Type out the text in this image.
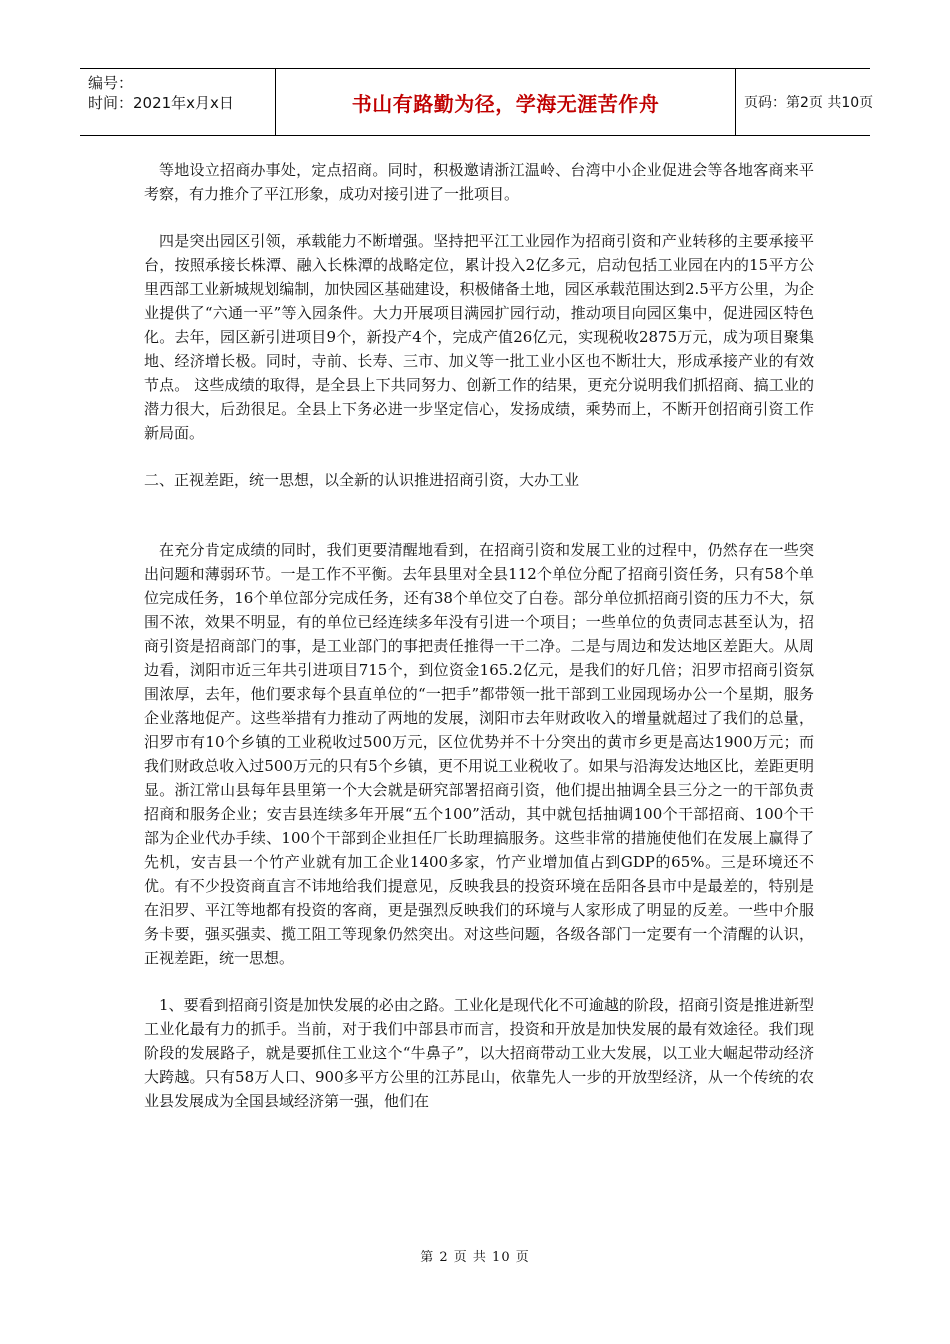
编号：
时间：2021年x月x日	书山有路勤为径，学海无涯苦作舟	页码：第2页 共10页

等地设立招商办事处，定点招商。同时，积极邀请浙江温岭、台湾中小企业促进会等各地客商来平考察，有力推介了平江形象，成功对接引进了一批项目。

四是突出园区引领，承载能力不断增强。坚持把平江工业园作为招商引资和产业转移的主要承接平台，按照承接长株潭、融入长株潭的战略定位，累计投入2亿多元，启动包括工业园在内的15平方公里西部工业新城规划编制，加快园区基础建设，积极储备土地，园区承载范围达到2.5平方公里，为企业提供了“六通一平”等入园条件。大力开展项目满园扩园行动，推动项目向园区集中，促进园区特色化。去年，园区新引进项目9个，新投产4个，完成产值26亿元，实现税收2875万元，成为项目聚集地、经济增长极。同时，寺前、长寿、三市、加义等一批工业小区也不断壮大，形成承接产业的有效节点。 这些成绩的取得，是全县上下共同努力、创新工作的结果，更充分说明我们抓招商、搞工业的潜力很大，后劲很足。全县上下务必进一步坚定信心，发扬成绩，乘势而上，不断开创招商引资工作新局面。

二、正视差距，统一思想，以全新的认识推进招商引资，大办工业

在充分肯定成绩的同时，我们更要清醒地看到，在招商引资和发展工业的过程中，仍然存在一些突出问题和薄弱环节。一是工作不平衡。去年县里对全县112个单位分配了招商引资任务，只有58个单位完成任务，16个单位部分完成任务，还有38个单位交了白卷。部分单位抓招商引资的压力不大，氛围不浓，效果不明显，有的单位已经连续多年没有引进一个项目；一些单位的负责同志甚至认为，招商引资是招商部门的事，是工业部门的事把责任推得一干二净。二是与周边和发达地区差距大。从周边看，浏阳市近三年共引进项目715个，到位资金165.2亿元，是我们的好几倍；汨罗市招商引资氛围浓厚，去年，他们要求每个县直单位的“一把手”都带领一批干部到工业园现场办公一个星期，服务企业落地促产。这些举措有力推动了两地的发展，浏阳市去年财政收入的增量就超过了我们的总量，汨罗市有10个乡镇的工业税收过500万元，区位优势并不十分突出的黄市乡更是高达1900万元；而我们财政总收入过500万元的只有5个乡镇，更不用说工业税收了。如果与沿海发达地区比，差距更明显。浙江常山县每年县里第一个大会就是研究部署招商引资，他们提出抽调全县三分之一的干部负责招商和服务企业；安吉县连续多年开展“五个100”活动，其中就包括抽调100个干部招商、100个干部为企业代办手续、100个干部到企业担任厂长助理搞服务。这些非常的措施使他们在发展上赢得了先机，安吉县一个竹产业就有加工企业1400多家，竹产业增加值占到GDP的65%。三是环境还不优。有不少投资商直言不讳地给我们提意见，反映我县的投资环境在岳阳各县市中是最差的，特别是在汨罗、平江等地都有投资的客商，更是强烈反映我们的环境与人家形成了明显的反差。一些中介服务卡要，强买强卖、揽工阻工等现象仍然突出。对这些问题，各级各部门一定要有一个清醒的认识，正视差距，统一思想。

1、要看到招商引资是加快发展的必由之路。工业化是现代化不可逾越的阶段，招商引资是推进新型工业化最有力的抓手。当前，对于我们中部县市而言，投资和开放是加快发展的最有效途径。我们现阶段的发展路子，就是要抓住工业这个“牛鼻子”，以大招商带动工业大发展，以工业大崛起带动经济大跨越。只有58万人口、900多平方公里的江苏昆山，依靠先人一步的开放型经济，从一个传统的农业县发展成为全国县域经济第一强，他们在

第 2 页 共 10 页
